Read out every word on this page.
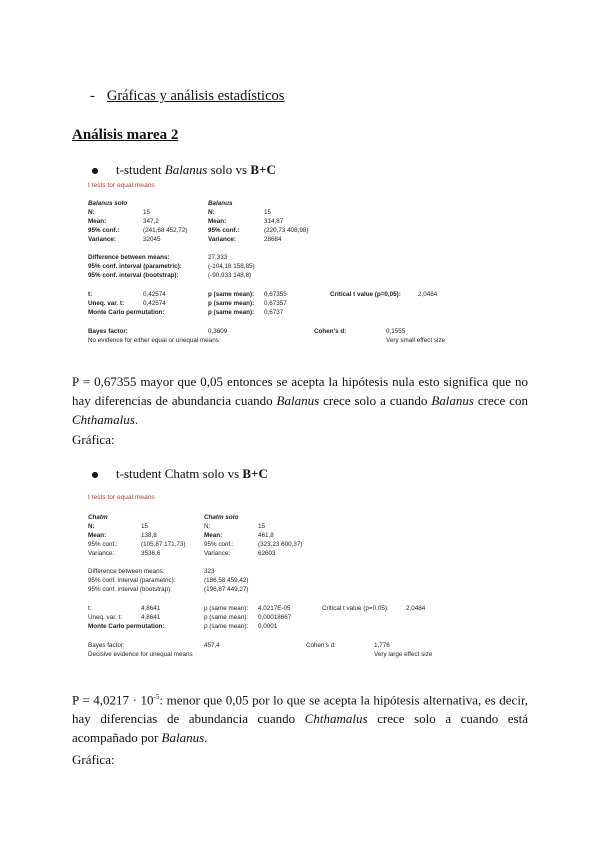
- Gráficas y análisis estadísticos
Análisis marea 2
t-student Balanus solo vs B+C
t tests for equal means
Balanus solo	Balanus
N:	15	N:	15
Mean:	347,2	Mean:	314,87
95% conf.:	(241,68 452,72)	95% conf.:	(220,73 408,98)
Variance:	32045	Variance:	28684
Difference between means:	27,333
95% conf. interval (parametric):	(-104,18 158,85)
95% conf. interval (bootstrap):	(-90,933 148,8)
t:	0,42574	p (same mean): 0,67355	Critical t value (p=0,05):	2,0484
Uneq. var. t:	0,42574	p (same mean): 0,67357
Monte Carlo permutation:	p (same mean): 0,6737
Bayes factor:	0,3609	Cohen's d:	0,1555
No evidence for either equal or unequal means	Very small effect size
P = 0,67355 mayor que 0,05 entonces se acepta la hipótesis nula esto significa que no hay diferencias de abundancia cuando Balanus crece solo a cuando Balanus crece con Chthamalus.
Gráfica:
t-student Chatm solo vs B+C
t tests for equal means
Chatm	Chatm solo
N:	15	N:	15
Mean:	138,8	Mean:	461,8
95% conf.:	(105,87 171,73)	95% conf.:	(323,23 600,37)
Variance:	3536,6	Variance:	62603
Difference between means:	323
95% conf. interval (parametric):	(186,58 459,42)
95% conf. interval (bootstrap):	(196,87 449,27)
t:	4,8641	p (same mean): 4,0217E-05	Critical t value (p=0,05):	2,0484
Uneq. var. t:	4,8641	p (same mean): 0,00018667
Monte Carlo permutation:	p (same mean): 0,0001
Bayes factor:	457,4	Cohen's d:	1,776
Decisive evidence for unequal means	Very large effect size
$P = 4,0217 \cdot 10^{-5}$: menor que 0,05 por lo que se acepta la hipótesis alternativa, es decir, hay diferencias de abundancia cuando Chthamalus crece solo a cuando está acompañado por Balanus.
Gráfica:
